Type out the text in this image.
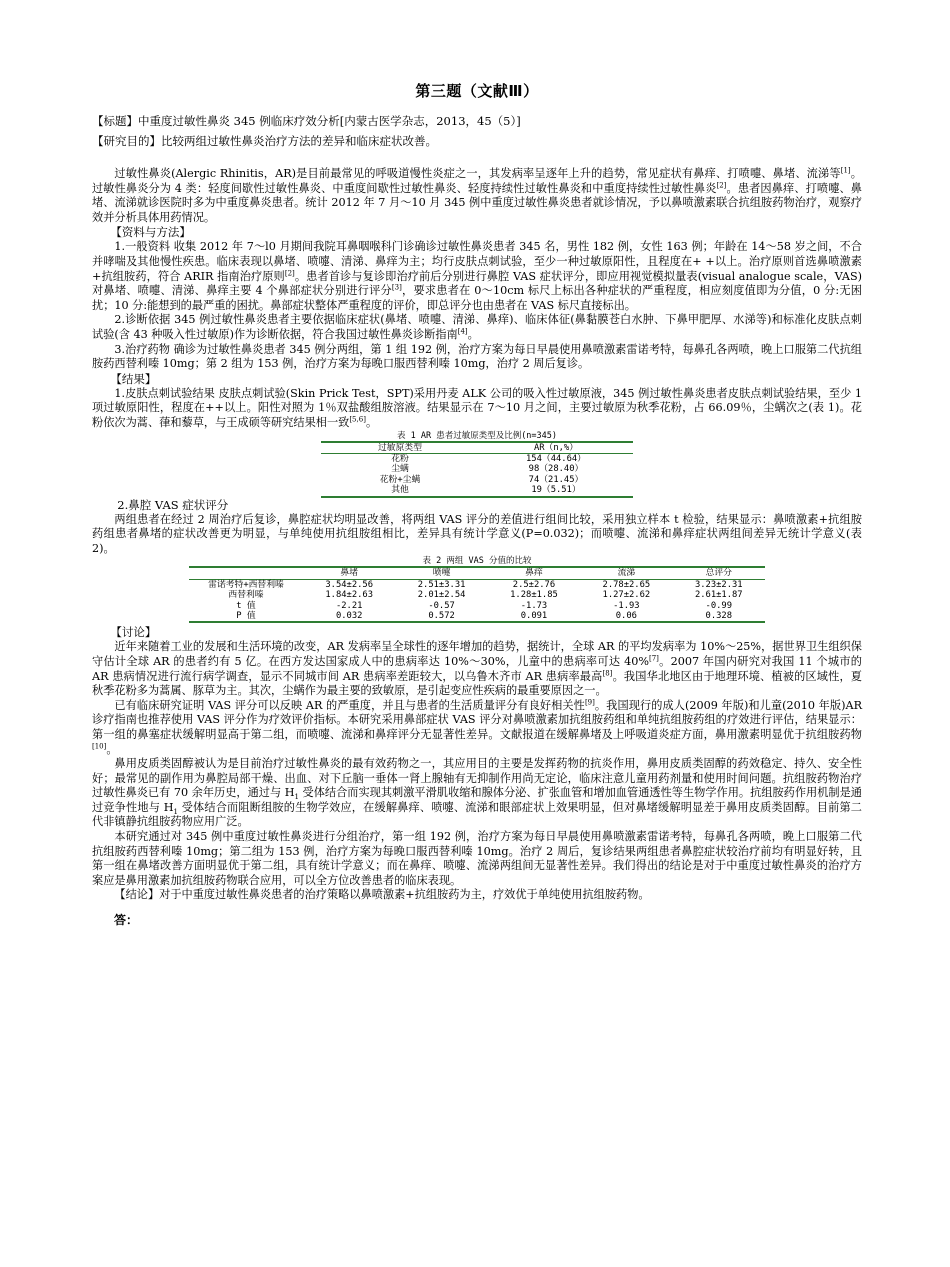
第三题（文献Ⅲ）

【标题】中重度过敏性鼻炎 345 例临床疗效分析[内蒙古医学杂志，2013，45（5）]

【研究目的】比较两组过敏性鼻炎治疗方法的差异和临床症状改善。

过敏性鼻炎(Alergic Rhinitis，AR)是目前最常见的呼吸道慢性炎症之一，其发病率呈逐年上升的趋势，常见症状有鼻痒、打喷嚏、鼻堵、流涕等[1]。过敏性鼻炎分为 4 类：轻度间歇性过敏性鼻炎、中重度间歇性过敏性鼻炎、轻度持续性过敏性鼻炎和中重度持续性过敏性鼻炎[2]。患者因鼻痒、打喷嚏、鼻堵、流涕就诊医院时多为中重度鼻炎患者。统计 2012 年 7 月～10 月 345 例中重度过敏性鼻炎患者就诊情况，予以鼻喷激素联合抗组胺药物治疗，观察疗效并分析具体用药情况。

【资料与方法】

1.一般资料 收集 2012 年 7～l0 月期间我院耳鼻咽喉科门诊确诊过敏性鼻炎患者 345 名，男性 182 例，女性 163 例；年龄在 14～58 岁之间，不合并哮喘及其他慢性疾患。临床表现以鼻堵、喷嚏、清涕、鼻痒为主；均行皮肤点刺试验，至少一种过敏原阳性，且程度在+ +以上。治疗原则首选鼻喷激素+抗组胺药，符合 ARIR 指南治疗原则[2]。患者首诊与复诊即治疗前后分别进行鼻腔 VAS 症状评分，即应用视觉模拟量表(visual analogue scale，VAS)对鼻堵、喷嚏、清涕、鼻痒主要 4 个鼻部症状分别进行评分[3]，要求患者在 0～10cm 标尺上标出各种症状的严重程度，相应刻度值即为分值，0 分:无困扰；10 分:能想到的最严重的困扰。鼻部症状整体严重程度的评价，即总评分也由患者在 VAS 标尺直接标出。

2.诊断依据 345 例过敏性鼻炎患者主要依据临床症状(鼻堵、喷嚏、清涕、鼻痒)、临床体征(鼻黏膜苍白水肿、下鼻甲肥厚、水涕等)和标准化皮肤点刺试验(含 43 种吸入性过敏原)作为诊断依据，符合我国过敏性鼻炎诊断指南[4]。

3.治疗药物 确诊为过敏性鼻炎患者 345 例分两组，第 1 组 192 例，治疗方案为每日早晨使用鼻喷激素雷诺考特，每鼻孔各两喷，晚上口服第二代抗组胺药西替利嗪 10mg；第 2 组为 153 例，治疗方案为每晚口服西替利嗪 10mg，治疗 2 周后复诊。

【结果】

1.皮肤点刺试验结果 皮肤点刺试验(Skin Prick Test，SPT)采用丹麦 ALK 公司的吸入性过敏原液，345 例过敏性鼻炎患者皮肤点刺试验结果，至少 1 项过敏原阳性，程度在++以上。阳性对照为 1％双盐酸组胺溶液。结果显示在 7～10 月之间，主要过敏原为秋季花粉，占 66.09％，尘螨次之(表 1)。花粉依次为蒿、葎和藜草，与王成硕等研究结果相一致[5,6]。

表 1 AR 患者过敏原类型及比例(n=345)
过敏原类型	AR（n,%）
花粉	154（44.64）
尘螨	98（28.40）
花粉+尘螨	74（21.45）
其他	19（5.51）

2.鼻腔 VAS 症状评分

两组患者在经过 2 周治疗后复诊，鼻腔症状均明显改善，将两组 VAS 评分的差值进行组间比较，采用独立样本 t 检验，结果显示：鼻喷激素+抗组胺药组患者鼻堵的症状改善更为明显，与单纯使用抗组胺组相比，差异具有统计学意义(P=0.032)；而喷嚏、流涕和鼻痒症状两组间差异无统计学意义(表 2)。

表 2 两组 VAS 分值的比较
	鼻堵	喷嚏	鼻痒	流涕	总评分
雷诺考特+西替利嗪	3.54±2.56	2.51±3.31	2.5±2.76	2.78±2.65	3.23±2.31
西替利嗪	1.84±2.63	2.01±2.54	1.28±1.85	1.27±2.62	2.61±1.87
t 值	-2.21	-0.57	-1.73	-1.93	-0.99
P 值	0.032	0.572	0.091	0.06	0.328

【讨论】

近年来随着工业的发展和生活环境的改变，AR 发病率呈全球性的逐年增加的趋势，据统计，全球 AR 的平均发病率为 10%～25%，据世界卫生组织保守估计全球 AR 的患者约有 5 亿。在西方发达国家成人中的患病率达 10%～30%，儿童中的患病率可达 40%[7]。2007 年国内研究对我国 11 个城市的 AR 患病情况进行流行病学调查，显示不同城市间 AR 患病率差距较大，以乌鲁木齐市 AR 患病率最高[8]。我国华北地区由于地理环境、植被的区域性，夏秋季花粉多为蒿属、豚草为主。其次，尘螨作为最主要的致敏原，是引起变应性疾病的最重要原因之一。

已有临床研究证明 VAS 评分可以反映 AR 的严重度，并且与患者的生活质量评分有良好相关性[9]。我国现行的成人(2009 年版)和儿童(2010 年版)AR 诊疗指南也推荐使用 VAS 评分作为疗效评价指标。本研究采用鼻部症状 VAS 评分对鼻喷激素加抗组胺药组和单纯抗组胺药组的疗效进行评估，结果显示：第一组的鼻塞症状缓解明显高于第二组，而喷嚏、流涕和鼻痒评分无显著性差异。文献报道在缓解鼻堵及上呼吸道炎症方面，鼻用激素明显优于抗组胺药物[10]。

鼻用皮质类固醇被认为是目前治疗过敏性鼻炎的最有效药物之一，其应用目的主要是发挥药物的抗炎作用，鼻用皮质类固醇的药效稳定、持久、安全性好；最常见的副作用为鼻腔局部干燥、出血、对下丘脑一垂体一肾上腺轴有无抑制作用尚无定论，临床注意儿童用药剂量和使用时间问题。抗组胺药物治疗过敏性鼻炎已有 70 余年历史，通过与 $H_1$ 受体结合而实现其刺激平滑肌收缩和腺体分泌、扩张血管和增加血管通透性等生物学作用。抗组胺药作用机制是通过竞争性地与 $H_1$ 受体结合而阻断组胺的生物学效应，在缓解鼻痒、喷嚏、流涕和眼部症状上效果明显，但对鼻堵缓解明显差于鼻用皮质类固醇。目前第二代非镇静抗组胺药物应用广泛。

本研究通过对 345 例中重度过敏性鼻炎进行分组治疗，第一组 192 例，治疗方案为每日早晨使用鼻喷激素雷诺考特，每鼻孔各两喷，晚上口服第二代抗组胺药西替利嗪 10mg；第二组为 153 例，治疗方案为每晚口服西替利嗪 10mg。治疗 2 周后，复诊结果两组患者鼻腔症状较治疗前均有明显好转，且第一组在鼻堵改善方面明显优于第二组，具有统计学意义；而在鼻痒、喷嚏、流涕两组间无显著性差异。我们得出的结论是对于中重度过敏性鼻炎的治疗方案应是鼻用激素加抗组胺药物联合应用，可以全方位改善患者的临床表现。

【结论】对于中重度过敏性鼻炎患者的治疗策略以鼻喷激素+抗组胺药为主，疗效优于单纯使用抗组胺药物。

答：
